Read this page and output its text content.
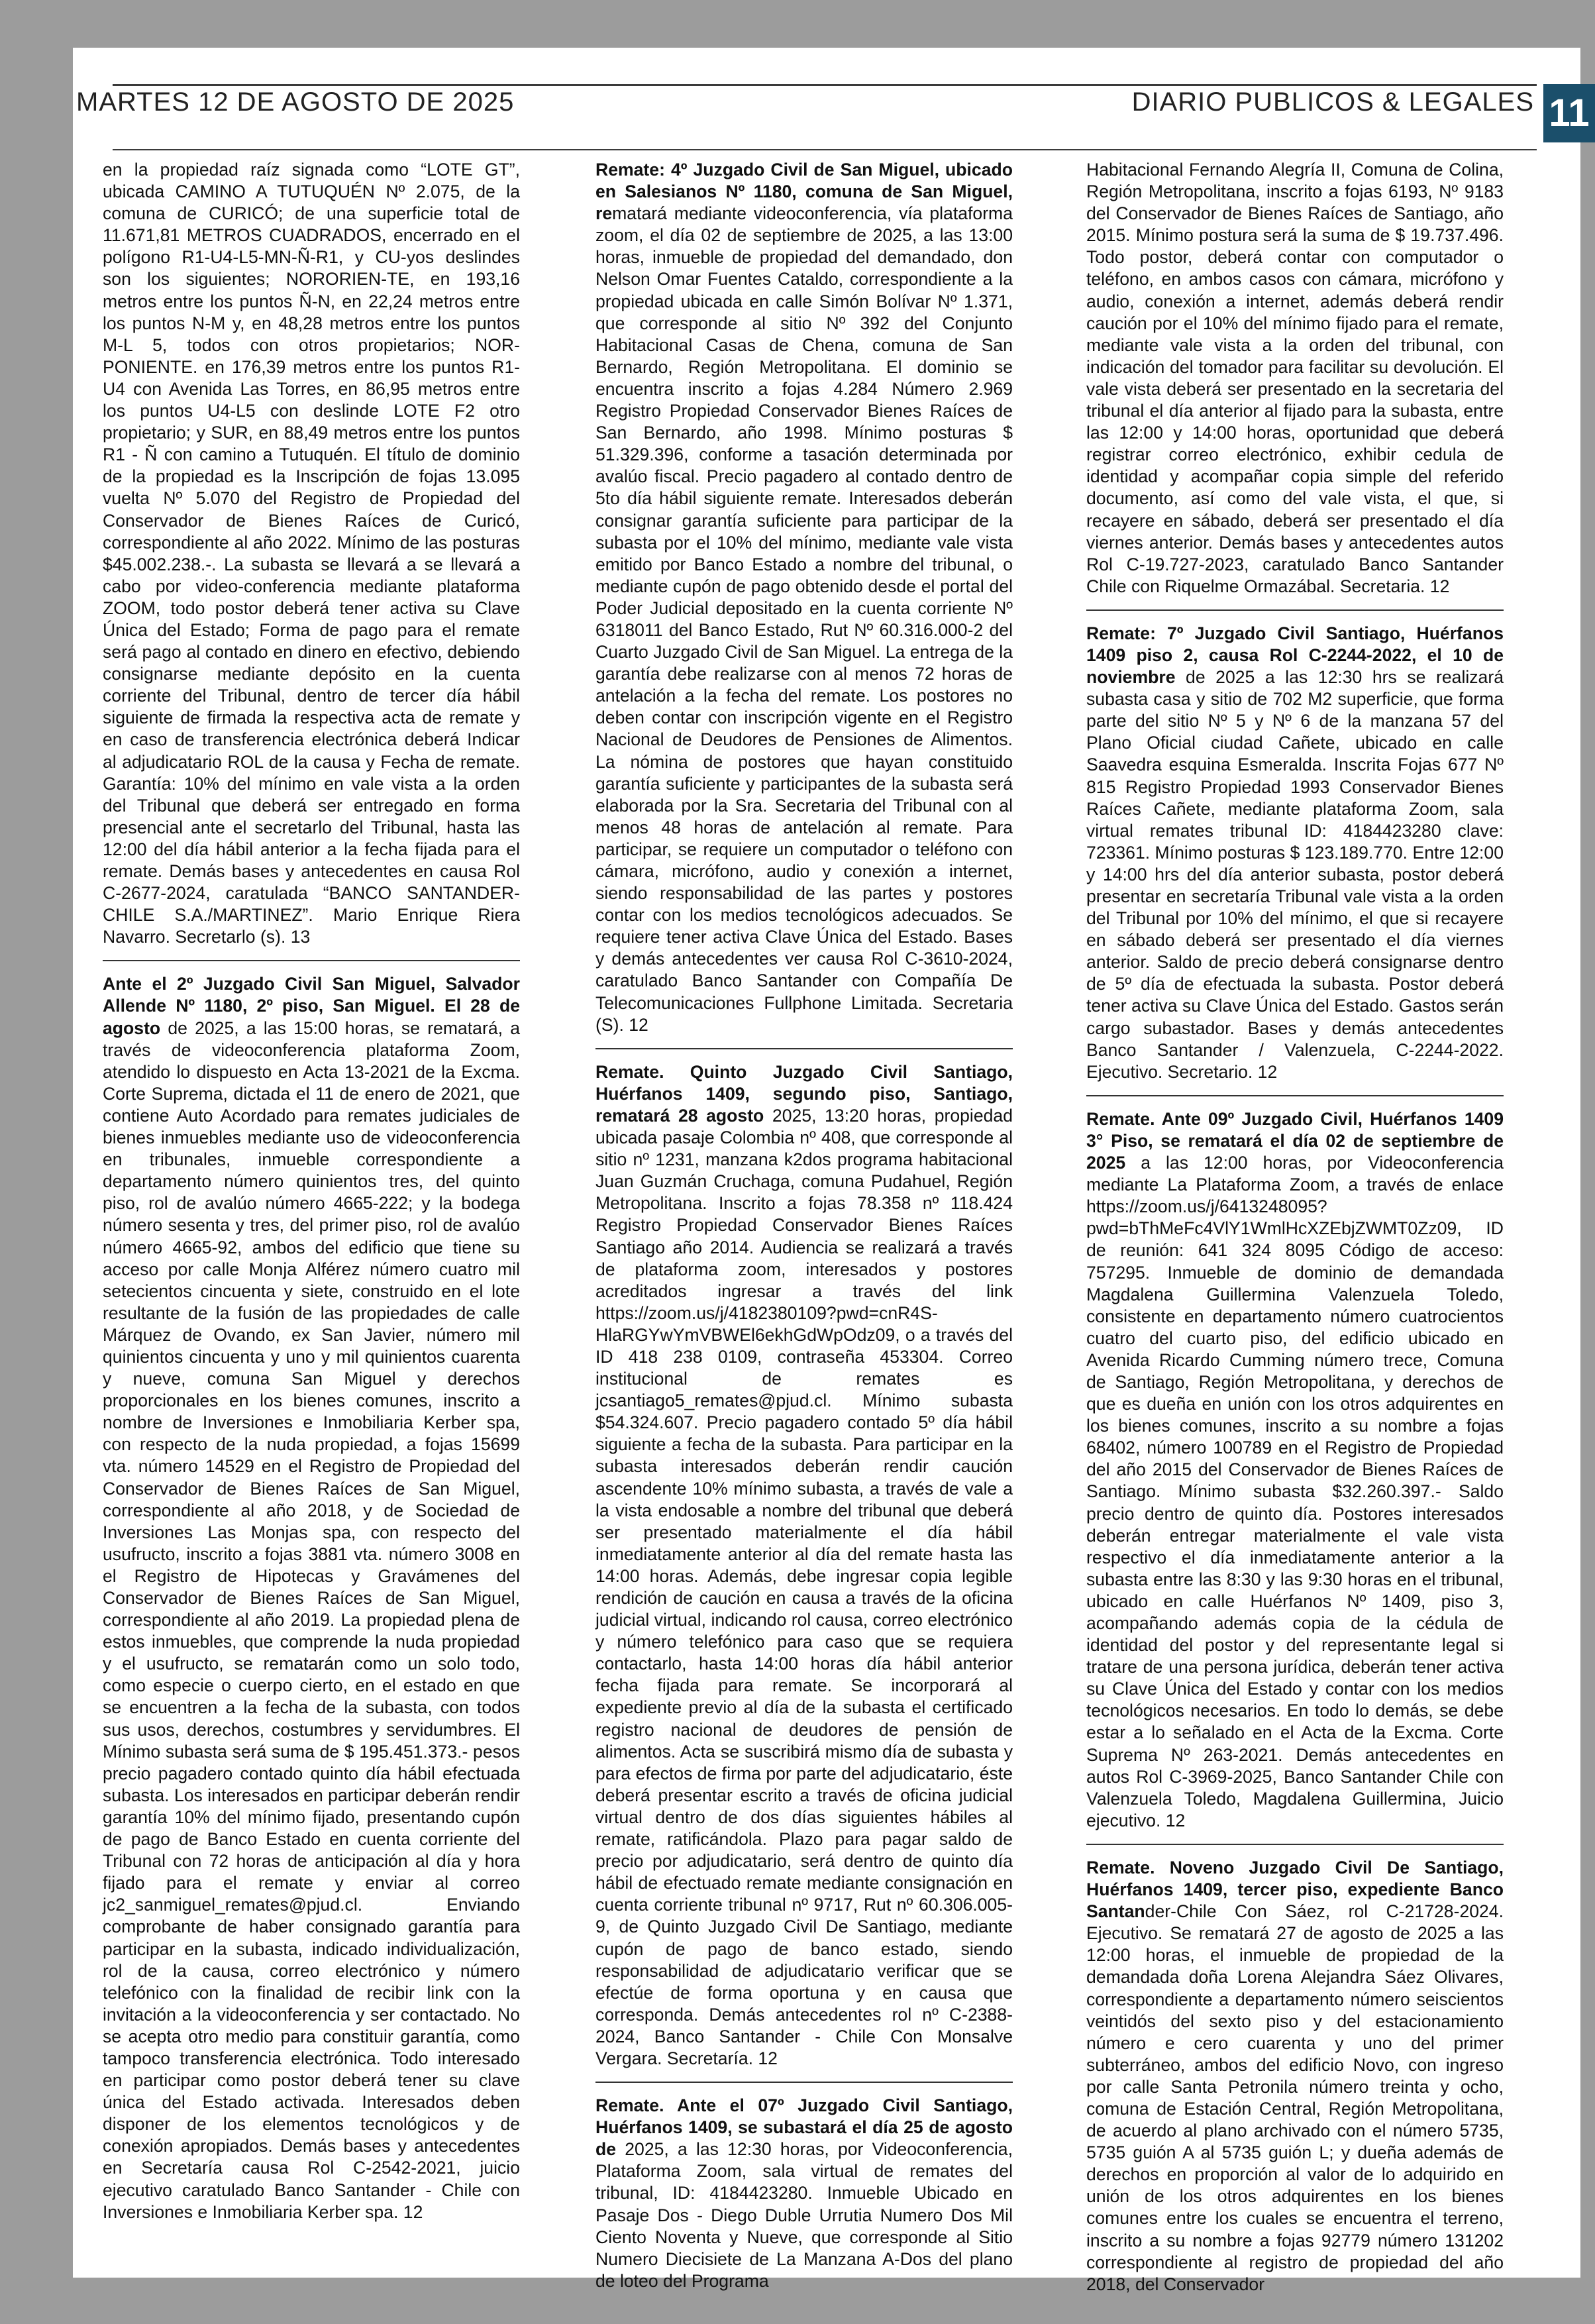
MARTES 12 DE AGOSTO DE 2025	DIARIO PUBLICOS & LEGALES 11

en la propiedad raíz signada como “LOTE GT”, ubicada CAMINO A TUTUQUÉN Nº 2.075, de la comuna de CURICÓ; de una superficie total de 11.671,81 METROS CUADRADOS, encerrado en el polígono R1-U4-L5-MN-Ñ-R1, y CU-yos deslindes son los siguientes; NORORIEN-TE, en 193,16 metros entre los puntos Ñ-N, en 22,24 metros entre los puntos N-M y, en 48,28 metros entre los puntos M-L 5, todos con otros propietarios; NOR-PONIENTE. en 176,39 metros entre los puntos R1-U4 con Avenida Las Torres, en 86,95 metros entre los puntos U4-L5 con deslinde LOTE F2 otro propietario; y SUR, en 88,49 metros entre los puntos R1 - Ñ con camino a Tutuquén. El título de dominio de la propiedad es la Inscripción de fojas 13.095 vuelta Nº 5.070 del Registro de Propiedad del Conservador de Bienes Raíces de Curicó, correspondiente al año 2022. Mínimo de las posturas $45.002.238.-. La subasta se llevará a se llevará a cabo por video-conferencia mediante plataforma ZOOM, todo postor deberá tener activa su Clave Única del Estado; Forma de pago para el remate será pago al contado en dinero en efectivo, debiendo consignarse mediante depósito en la cuenta corriente del Tribunal, dentro de tercer día hábil siguiente de firmada la respectiva acta de remate y en caso de transferencia electrónica deberá Indicar al adjudicatario ROL de la causa y Fecha de remate. Garantía: 10% del mínimo en vale vista a la orden del Tribunal que deberá ser entregado en forma presencial ante el secretarlo del Tribunal, hasta las 12:00 del día hábil anterior a la fecha fijada para el remate. Demás bases y antecedentes en causa Rol C-2677-2024, caratulada “BANCO SANTANDER-CHILE S.A./MARTINEZ”. Mario Enrique Riera Navarro. Secretarlo (s). 13

Ante el 2º Juzgado Civil San Miguel, Salvador Allende Nº 1180, 2º piso, San Miguel. El 28 de agosto de 2025, a las 15:00 horas, se rematará, a través de videoconferencia plataforma Zoom, atendido lo dispuesto en Acta 13-2021 de la Excma. Corte Suprema, dictada el 11 de enero de 2021, que contiene Auto Acordado para remates judiciales de bienes inmuebles mediante uso de videoconferencia en tribunales, inmueble correspondiente a departamento número quinientos tres, del quinto piso, rol de avalúo número 4665-222; y la bodega número sesenta y tres, del primer piso, rol de avalúo número 4665-92, ambos del edificio que tiene su acceso por calle Monja Alférez número cuatro mil setecientos cincuenta y siete, construido en el lote resultante de la fusión de las propiedades de calle Márquez de Ovando, ex San Javier, número mil quinientos cincuenta y uno y mil quinientos cuarenta y nueve, comuna San Miguel y derechos proporcionales en los bienes comunes, inscrito a nombre de Inversiones e Inmobiliaria Kerber spa, con respecto de la nuda propiedad, a fojas 15699 vta. número 14529 en el Registro de Propiedad del Conservador de Bienes Raíces de San Miguel, correspondiente al año 2018, y de Sociedad de Inversiones Las Monjas spa, con respecto del usufructo, inscrito a fojas 3881 vta. número 3008 en el Registro de Hipotecas y Gravámenes del Conservador de Bienes Raíces de San Miguel, correspondiente al año 2019. La propiedad plena de estos inmuebles, que comprende la nuda propiedad y el usufructo, se rematarán como un solo todo, como especie o cuerpo cierto, en el estado en que se encuentren a la fecha de la subasta, con todos sus usos, derechos, costumbres y servidumbres. El Mínimo subasta será suma de $ 195.451.373.- pesos precio pagadero contado quinto día hábil efectuada subasta. Los interesados en participar deberán rendir garantía 10% del mínimo fijado, presentando cupón de pago de Banco Estado en cuenta corriente del Tribunal con 72 horas de anticipación al día y hora fijado para el remate y enviar al correo jc2_sanmiguel_remates@pjud.cl. Enviando comprobante de haber consignado garantía para participar en la subasta, indicado individualización, rol de la causa, correo electrónico y número telefónico con la finalidad de recibir link con la invitación a la videoconferencia y ser contactado. No se acepta otro medio para constituir garantía, como tampoco transferencia electrónica. Todo interesado en participar como postor deberá tener su clave única del Estado activada. Interesados deben disponer de los elementos tecnológicos y de conexión apropiados. Demás bases y antecedentes en Secretaría causa Rol C-2542-2021, juicio ejecutivo caratulado Banco Santander - Chile con Inversiones e Inmobiliaria Kerber spa. 12

Remate: 4º Juzgado Civil de San Miguel, ubicado en Salesianos Nº 1180, comuna de San Miguel, rematará mediante videoconferencia, vía plataforma zoom, el día 02 de septiembre de 2025, a las 13:00 horas, inmueble de propiedad del demandado, don Nelson Omar Fuentes Cataldo, correspondiente a la propiedad ubicada en calle Simón Bolívar Nº 1.371, que corresponde al sitio Nº 392 del Conjunto Habitacional Casas de Chena, comuna de San Bernardo, Región Metropolitana. El dominio se encuentra inscrito a fojas 4.284 Número 2.969 Registro Propiedad Conservador Bienes Raíces de San Bernardo, año 1998. Mínimo posturas $ 51.329.396, conforme a tasación determinada por avalúo fiscal. Precio pagadero al contado dentro de 5to día hábil siguiente remate. Interesados deberán consignar garantía suficiente para participar de la subasta por el 10% del mínimo, mediante vale vista emitido por Banco Estado a nombre del tribunal, o mediante cupón de pago obtenido desde el portal del Poder Judicial depositado en la cuenta corriente Nº 6318011 del Banco Estado, Rut Nº 60.316.000-2 del Cuarto Juzgado Civil de San Miguel. La entrega de la garantía debe realizarse con al menos 72 horas de antelación a la fecha del remate. Los postores no deben contar con inscripción vigente en el Registro Nacional de Deudores de Pensiones de Alimentos. La nómina de postores que hayan constituido garantía suficiente y participantes de la subasta será elaborada por la Sra. Secretaria del Tribunal con al menos 48 horas de antelación al remate. Para participar, se requiere un computador o teléfono con cámara, micrófono, audio y conexión a internet, siendo responsabilidad de las partes y postores contar con los medios tecnológicos adecuados. Se requiere tener activa Clave Única del Estado. Bases y demás antecedentes ver causa Rol C-3610-2024, caratulado Banco Santander con Compañía De Telecomunicaciones Fullphone Limitada. Secretaria (S). 12

Remate. Quinto Juzgado Civil Santiago, Huérfanos 1409, segundo piso, Santiago, rematará 28 agosto 2025, 13:20 horas, propiedad ubicada pasaje Colombia nº 408, que corresponde al sitio nº 1231, manzana k2dos programa habitacional Juan Guzmán Cruchaga, comuna Pudahuel, Región Metropolitana. Inscrito a fojas 78.358 nº 118.424 Registro Propiedad Conservador Bienes Raíces Santiago año 2014. Audiencia se realizará a través de plataforma zoom, interesados y postores acreditados ingresar a través del link https://zoom.us/j/4182380109?pwd=cnR4S-HlaRGYwYmVBWEl6ekhGdWpOdz09, o a través del ID 418 238 0109, contraseña 453304. Correo institucional de remates es jcsantiago5_remates@pjud.cl. Mínimo subasta $54.324.607. Precio pagadero contado 5º día hábil siguiente a fecha de la subasta. Para participar en la subasta interesados deberán rendir caución ascendente 10% mínimo subasta, a través de vale a la vista endosable a nombre del tribunal que deberá ser presentado materialmente el día hábil inmediatamente anterior al día del remate hasta las 14:00 horas. Además, debe ingresar copia legible rendición de caución en causa a través de la oficina judicial virtual, indicando rol causa, correo electrónico y número telefónico para caso que se requiera contactarlo, hasta 14:00 horas día hábil anterior fecha fijada para remate. Se incorporará al expediente previo al día de la subasta el certificado registro nacional de deudores de pensión de alimentos. Acta se suscribirá mismo día de subasta y para efectos de firma por parte del adjudicatario, éste deberá presentar escrito a través de oficina judicial virtual dentro de dos días siguientes hábiles al remate, ratificándola. Plazo para pagar saldo de precio por adjudicatario, será dentro de quinto día hábil de efectuado remate mediante consignación en cuenta corriente tribunal nº 9717, Rut nº 60.306.005-9, de Quinto Juzgado Civil De Santiago, mediante cupón de pago de banco estado, siendo responsabilidad de adjudicatario verificar que se efectúe de forma oportuna y en causa que corresponda. Demás antecedentes rol nº C-2388-2024, Banco Santander - Chile Con Monsalve Vergara. Secretaría. 12

Remate. Ante el 07º Juzgado Civil Santiago, Huérfanos 1409, se subastará el día 25 de agosto de 2025, a las 12:30 horas, por Videoconferencia, Plataforma Zoom, sala virtual de remates del tribunal, ID: 4184423280. Inmueble Ubicado en Pasaje Dos - Diego Duble Urrutia Numero Dos Mil Ciento Noventa y Nueve, que corresponde al Sitio Numero Diecisiete de La Manzana A-Dos del plano de loteo del Programa

Habitacional Fernando Alegría II, Comuna de Colina, Región Metropolitana, inscrito a fojas 6193, Nº 9183 del Conservador de Bienes Raíces de Santiago, año 2015. Mínimo postura será la suma de $ 19.737.496. Todo postor, deberá contar con computador o teléfono, en ambos casos con cámara, micrófono y audio, conexión a internet, además deberá rendir caución por el 10% del mínimo fijado para el remate, mediante vale vista a la orden del tribunal, con indicación del tomador para facilitar su devolución. El vale vista deberá ser presentado en la secretaria del tribunal el día anterior al fijado para la subasta, entre las 12:00 y 14:00 horas, oportunidad que deberá registrar correo electrónico, exhibir cedula de identidad y acompañar copia simple del referido documento, así como del vale vista, el que, si recayere en sábado, deberá ser presentado el día viernes anterior. Demás bases y antecedentes autos Rol C-19.727-2023, caratulado Banco Santander Chile con Riquelme Ormazábal. Secretaria. 12

Remate: 7º Juzgado Civil Santiago, Huérfanos 1409 piso 2, causa Rol C-2244-2022, el 10 de noviembre de 2025 a las 12:30 hrs se realizará subasta casa y sitio de 702 M2 superficie, que forma parte del sitio Nº 5 y Nº 6 de la manzana 57 del Plano Oficial ciudad Cañete, ubicado en calle Saavedra esquina Esmeralda. Inscrita Fojas 677 Nº 815 Registro Propiedad 1993 Conservador Bienes Raíces Cañete, mediante plataforma Zoom, sala virtual remates tribunal ID: 4184423280 clave: 723361. Mínimo posturas $ 123.189.770. Entre 12:00 y 14:00 hrs del día anterior subasta, postor deberá presentar en secretaría Tribunal vale vista a la orden del Tribunal por 10% del mínimo, el que si recayere en sábado deberá ser presentado el día viernes anterior. Saldo de precio deberá consignarse dentro de 5º día de efectuada la subasta. Postor deberá tener activa su Clave Única del Estado. Gastos serán cargo subastador. Bases y demás antecedentes Banco Santander / Valenzuela, C-2244-2022. Ejecutivo. Secretario. 12

Remate. Ante 09º Juzgado Civil, Huérfanos 1409 3° Piso, se rematará el día 02 de septiembre de 2025 a las 12:00 horas, por Videoconferencia mediante La Plataforma Zoom, a través de enlace https://zoom.us/j/6413248095?pwd=bThMeFc4VlY1WmlHcXZEbjZWMT0Zz09, ID de reunión: 641 324 8095 Código de acceso: 757295. Inmueble de dominio de demandada Magdalena Guillermina Valenzuela Toledo, consistente en departamento número cuatrocientos cuatro del cuarto piso, del edificio ubicado en Avenida Ricardo Cumming número trece, Comuna de Santiago, Región Metropolitana, y derechos de que es dueña en unión con los otros adquirentes en los bienes comunes, inscrito a su nombre a fojas 68402, número 100789 en el Registro de Propiedad del año 2015 del Conservador de Bienes Raíces de Santiago. Mínimo subasta $32.260.397.- Saldo precio dentro de quinto día. Postores interesados deberán entregar materialmente el vale vista respectivo el día inmediatamente anterior a la subasta entre las 8:30 y las 9:30 horas en el tribunal, ubicado en calle Huérfanos Nº 1409, piso 3, acompañando además copia de la cédula de identidad del postor y del representante legal si tratare de una persona jurídica, deberán tener activa su Clave Única del Estado y contar con los medios tecnológicos necesarios. En todo lo demás, se debe estar a lo señalado en el Acta de la Excma. Corte Suprema Nº 263-2021. Demás antecedentes en autos Rol C-3969-2025, Banco Santander Chile con Valenzuela Toledo, Magdalena Guillermina, Juicio ejecutivo. 12

Remate. Noveno Juzgado Civil De Santiago, Huérfanos 1409, tercer piso, expediente Banco Santander-Chile Con Sáez, rol C-21728-2024. Ejecutivo. Se rematará 27 de agosto de 2025 a las 12:00 horas, el inmueble de propiedad de la demandada doña Lorena Alejandra Sáez Olivares, correspondiente a departamento número seiscientos veintidós del sexto piso y del estacionamiento número e cero cuarenta y uno del primer subterráneo, ambos del edificio Novo, con ingreso por calle Santa Petronila número treinta y ocho, comuna de Estación Central, Región Metropolitana, de acuerdo al plano archivado con el número 5735, 5735 guión A al 5735 guión L; y dueña además de derechos en proporción al valor de lo adquirido en unión de los otros adquirentes en los bienes comunes entre los cuales se encuentra el terreno, inscrito a su nombre a fojas 92779 número 131202 correspondiente al registro de propiedad del año 2018, del Conservador
